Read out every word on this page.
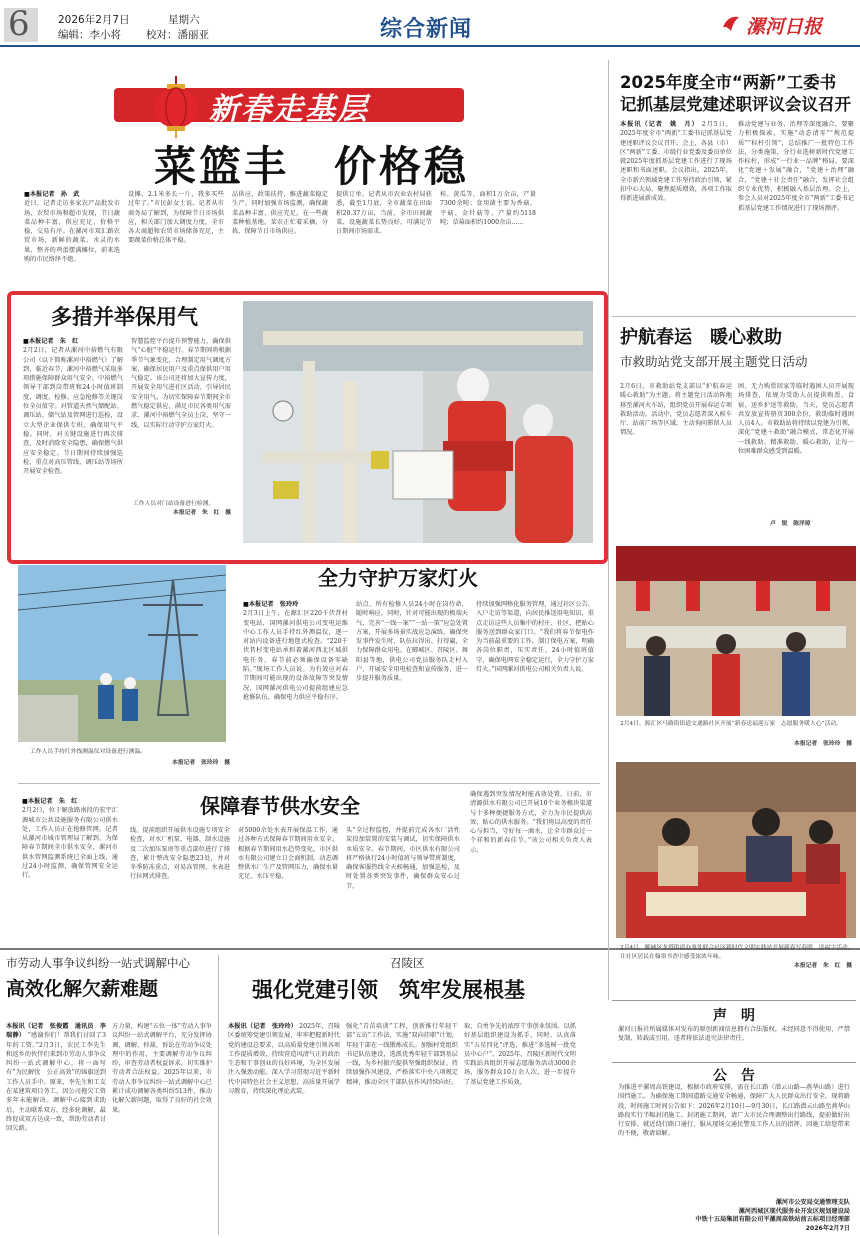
6	2026年2月7日	星期六
编辑：李小将 校对：潘丽亚	综合新闻	漯河日报
新春走基层
菜篮丰　价格稳
■本报记者　孙　武
近日，记者走访多家农产品批发市场、农贸市场和超市发现，节日蔬菜品种丰富，供应充足，价格平稳，交易有序。在漯河市双汇路农贸市场，新鲜的蔬菜、水灵的水果、整齐的鸡蛋摆满摊位，前来选购的市民络绎不绝。
设摊，2.1米多长一斤，我多买些过年了。”市民彭女士说。记者从市商务局了解到，为保障节日市场供应，相关部门加大调度力度，全市各大商超和农贸市场储备充足，主要蔬菜价格总体平稳。
品供应、政策扶持，推进蔬菜稳定生产，同时加强市场监测，确保蔬菜品种丰富、供应充足。在一些蔬菜种植基地，菜农正忙着采摘、分拣，保障节日市场供应。
提供订单。记者从市农业农村局获悉，截至1月底，全市蔬菜在田面积20.37万亩，当前，全市田间蔬菜、设施蔬菜长势良好，可满足节日期间市场需求。
桂、黄瓜等，面积1万余亩，产量7300余吨；食用菌主要为香菇、平菇、金针菇等，产量约5118吨；草莓面积约1000余亩……
多措并举保用气
■本报记者　朱　红
2月2日，记者从漯河中裕燃气有限公司（以下简称漯河中裕燃气）了解到，临近春节，漯河中裕燃气采取多项措施保障群众用气安全。中裕燃气领导干部到岗带班和24小时值班制度，调度、检修、应急抢修等关键岗位全员值守。对管道天然气储配站、调压站、储气站及管网进行巡检，设立大型企业保供专班，确保用气平稳。同时，对关键设施进行再次排查，及时消除安全隐患，确保燃气供应安全稳定。节日期间持续加强巡检，重点对高压管线、调压站等场所开展安全检查。
智慧监控平台提升预警能力，确保供气“心脏”平稳运行。春节期间将根据季节气象变化，合理制定用气调度方案，确保居民用户及重点保供用户用气稳定。该公司还将加大宣传力度，开展安全用气进社区活动，引导居民安全用气。为切实保障春节期间全市燃气稳定供应，满足市民各类用气需求，漯河中裕燃气全员上岗、坚守一线，以实际行动守护万家灯火。
工作人员对门站设备进行检测。
本报记者　朱　红　摄
工作人员手持红外线测温仪对设备进行测温。
本报记者　张玲玲　摄
全力守护万家灯火
■本报记者　张玲玲
2月3日上午，在源汇区220千伏昔村变电站，国网漯河供电公司变电运维中心工作人员手持红外测温仪，逐一对站内设备进行地毯式检查。“220千伏昔村变电站承担着漯河西北区域供电任务，春节前必须确保设备零缺陷。”现场工作人员说。为有效应对春节期间可能出现的设备故障等突发情况，国网漯河供电公司提前组建应急抢修队伍，确保电力供应平稳有序。
站点、所有检修人员24小时在岗待命，随时响应，同时，针对可能出现的极端天气，完善“一线一案”“一站一策”应急处置方案，开展多场景实战应急演练，确保突发事件发生时，队伍拉得出、打得赢，全力保障群众用电。在郾城区、召陵区、舞阳县等地，供电公司党员服务队走村入户、开展安全用电检查和宣传服务，进一步提升服务质量。
持续加强网格化服务管理，通过社区公告、入户走访等渠道，向居民推送用电知识，重点走访这些人员集中的村庄、社区，把贴心服务送到群众家门口。“我们将春节保电作为当前最重要的工作，制订保电方案，明确各岗位职责，压实责任，24小时值班值守，确保电网安全稳定运行，全力守护万家灯火。”国网漯河供电公司相关负责人说。
■本报记者　朱　红
2月2日，位于解放路南段的宏宇汇源城市公共设施服务有限公司供水处，工作人员正在抢修管网。记者从漯河市城市管理局了解到，为保障春节期间全市供水安全，漯河市供水管网监测系统已全面上线，通过24小时监测，确保管网安全运行。
保障春节供水安全
线。提前组织开展供水设施专项安全检查，对水厂机泵、电器、制水设施及二次加压泵房等重点部位进行了排查，累计整改安全隐患23处，并对冬季防冻重点，对易冻管网、水表进行拉网式排查。
对5000余处水表开展保温工作，通过各种方式保障春节期间用水安全。根据春节期间用水趋势变化，市区供水有限公司建立日会商机制，动态调整供水厂生产及管网压力，确保水量充足、水压平稳。
头”全过程监控，并提前完成各水厂活性炭投加装置的安装与调试，切实保障供水水质安全。春节期间，市区供水有限公司将严格执行24小时值班与领导带班制度，确保客服热线全天候畅通，加强巡检，及时处置各类突发事件，确保群众安心过节。
确保遇到突发情况时能高效处置。日前，市清源供水有限公司已开展10个业务模块渠道与十多种便捷服务方式，全力为市民提供高效、贴心的供水服务。“我们将以高度的责任心与担当，守好每一滴水，让全市群众过一个祥和的新春佳节。”该公司相关负责人表示。
2025年度全市“两新”工委书记抓基层党建述职评议会议召开
本报讯（记者　姚　月） 2月5日，2025年度全市“两新”工委书记抓基层党建述职评议会议召开。会上，各县（市）区“两新”工委、市级行业党委及委员单位就2025年度抓基层党建工作进行了现场述职和书面述职。会议指出，2025年，全市新兴领域党建工作坚持政治引领，紧扣中心大局，聚焦提质增效，各项工作取得新进展新成效。
推动党建与业务、治理等深度融合，要聚力积极探索，实施“动态清零”“规范提质”“标杆引领”，总结推广一批特色工作法，分类施策，分行业选树新时代党建工作标杆，形成“一行业一品牌”格局。要深化“党建＋发展”融合，“党建＋治理”融合，“党建＋社会责任”融合，发挥社会组织专业优势，积极融入基层治理。会上，参会人员对2025年度全市“两新”工委书记抓基层党建工作情况进行了现场测评。
护航春运　暖心救助
市救助站党支部开展主题党日活动
2月6日，市救助站党支部以“护航春运　暖心救助”为主题，将主题党日活动阵地移至漯河火车站，组织党员开展春运专项救助活动。活动中，党员志愿者深入候车厅、站前广场等区域，主动询问滞留人员情况。
困、无力购票回家等临时遇困人员开展现场排查，依规为受助人员提供购票、食宿、送乡护送等救助。当天，党员志愿者共发放宣传册页300余份，救助临时遇困人员4人。市救助站将持续以党建为引领，深化“党建＋救助”融合模式，常态化开展一线救助、精准救助、暖心救助，让每一位困难群众感受到温暖。
卢　锐　陈洋琼
2月4日，源汇区马路街街道交通路社区开展“新春送福迎万家　志愿服务暖人心”活动。
本报记者　张玲玲　摄
2月4日，郾城区龙塔街道办事处联合社区新时代文明实践站开展新春写春联、送福字活动，让社区居民在翰墨书香中感受浓浓年味。
本报记者　朱　红　摄
市劳动人事争议纠纷一站式调解中心
高效化解欠薪难题
本报讯（记者　张俊霞　通讯员　李瑞静） “感谢你们！帮我们讨回了3年的工资。”2月3日，农民工李先生和返乡的伙伴们来到市劳动人事争议纠纷一站式调解中心，将一面写有“为民解忧　公正高效”的锦旗送到工作人员手中。原来，李先生和工友在某建筑项目务工，因公司拖欠工资多年未能解决。调解中心接到求助后，主动联系双方，经多轮调解，最终促成双方达成一致，帮助劳动者讨回欠薪。
方力量，构建“五位一体”劳动人事争议纠纷一站式调解平台，充分发挥协调、调解、仲裁、诉讼在劳动争议处理中的作用，主要调解劳动争议纠纷，审查劳动者权益诉求，切实维护劳动者合法权益。2025年以来，市劳动人事争议纠纷一站式调解中心已累计成功调解各类纠纷513件，推动化解欠薪问题，取得了良好的社会效果。
召陵区
强化党建引领　筑牢发展根基
本报讯（记者　张玲玲） 2025年，召陵区委统筹党建引领发展，牢牢把握新时代党的建设总要求，以高质量党建引领各项工作提质增效，持续营造风清气正的政治生态和干事创业的良好环境，为全区发展注入强劲动能。深入学习贯彻习近平新时代中国特色社会主义思想，高质量开展学习教育，持续深化理论武装。
强化“青苗培训”工程，创新推行年轻干部“五访”工作法，实施“双向挂职”计划，年轻干部在一线锻炼成长。加强村党组织书记队伍建设，选派优秀年轻干部到基层一线，为乡村振兴提供坚强组织保证。持续加强作风建设，严格落实中央八项规定精神，推动全区干部队伍作风持续向好。
取、自勇争先的浓厚干事创业氛围。以抓好基层组织建设为抓手，同时，认真落实“五星四化”评选，推进“多选树一批党员中心户”。2025年，召陵区新时代文明实践站共组织开展志愿服务活动3000余场，服务群众10万余人次，进一步提升了基层党建工作质效。
声　明
漯河日报社所属媒体对发布的原创新闻信息拥有合法版权，未经同意不得使用，严禁复制、转载或引用，违者将依法追究法律责任。
公　告
为推进平漯周高铁建设，根据市政府安排，需在长江路（潜云山路—燕华山路）进行围挡施工。为确保施工期间道路交通安全畅通，保障广大人民群众出行安全，现将路段、时间施工时间公告如下：2026年2月10日—9月30日，长江路潜云山路至燕华山路段实行半幅封闭施工。封闭施工期间，请广大市民合理调整出行路线，提前做好出行安排，就近绕行路口通行，服从现场交通民警及工作人员的指挥。因施工给您带来的不便，敬请谅解。
漯河市公安局交通管理支队
漯河西城区现代服务业开发区规划建设局
中铁十五局集团有限公司平漯周高铁站前五标项目经理部
2026年2月7日
